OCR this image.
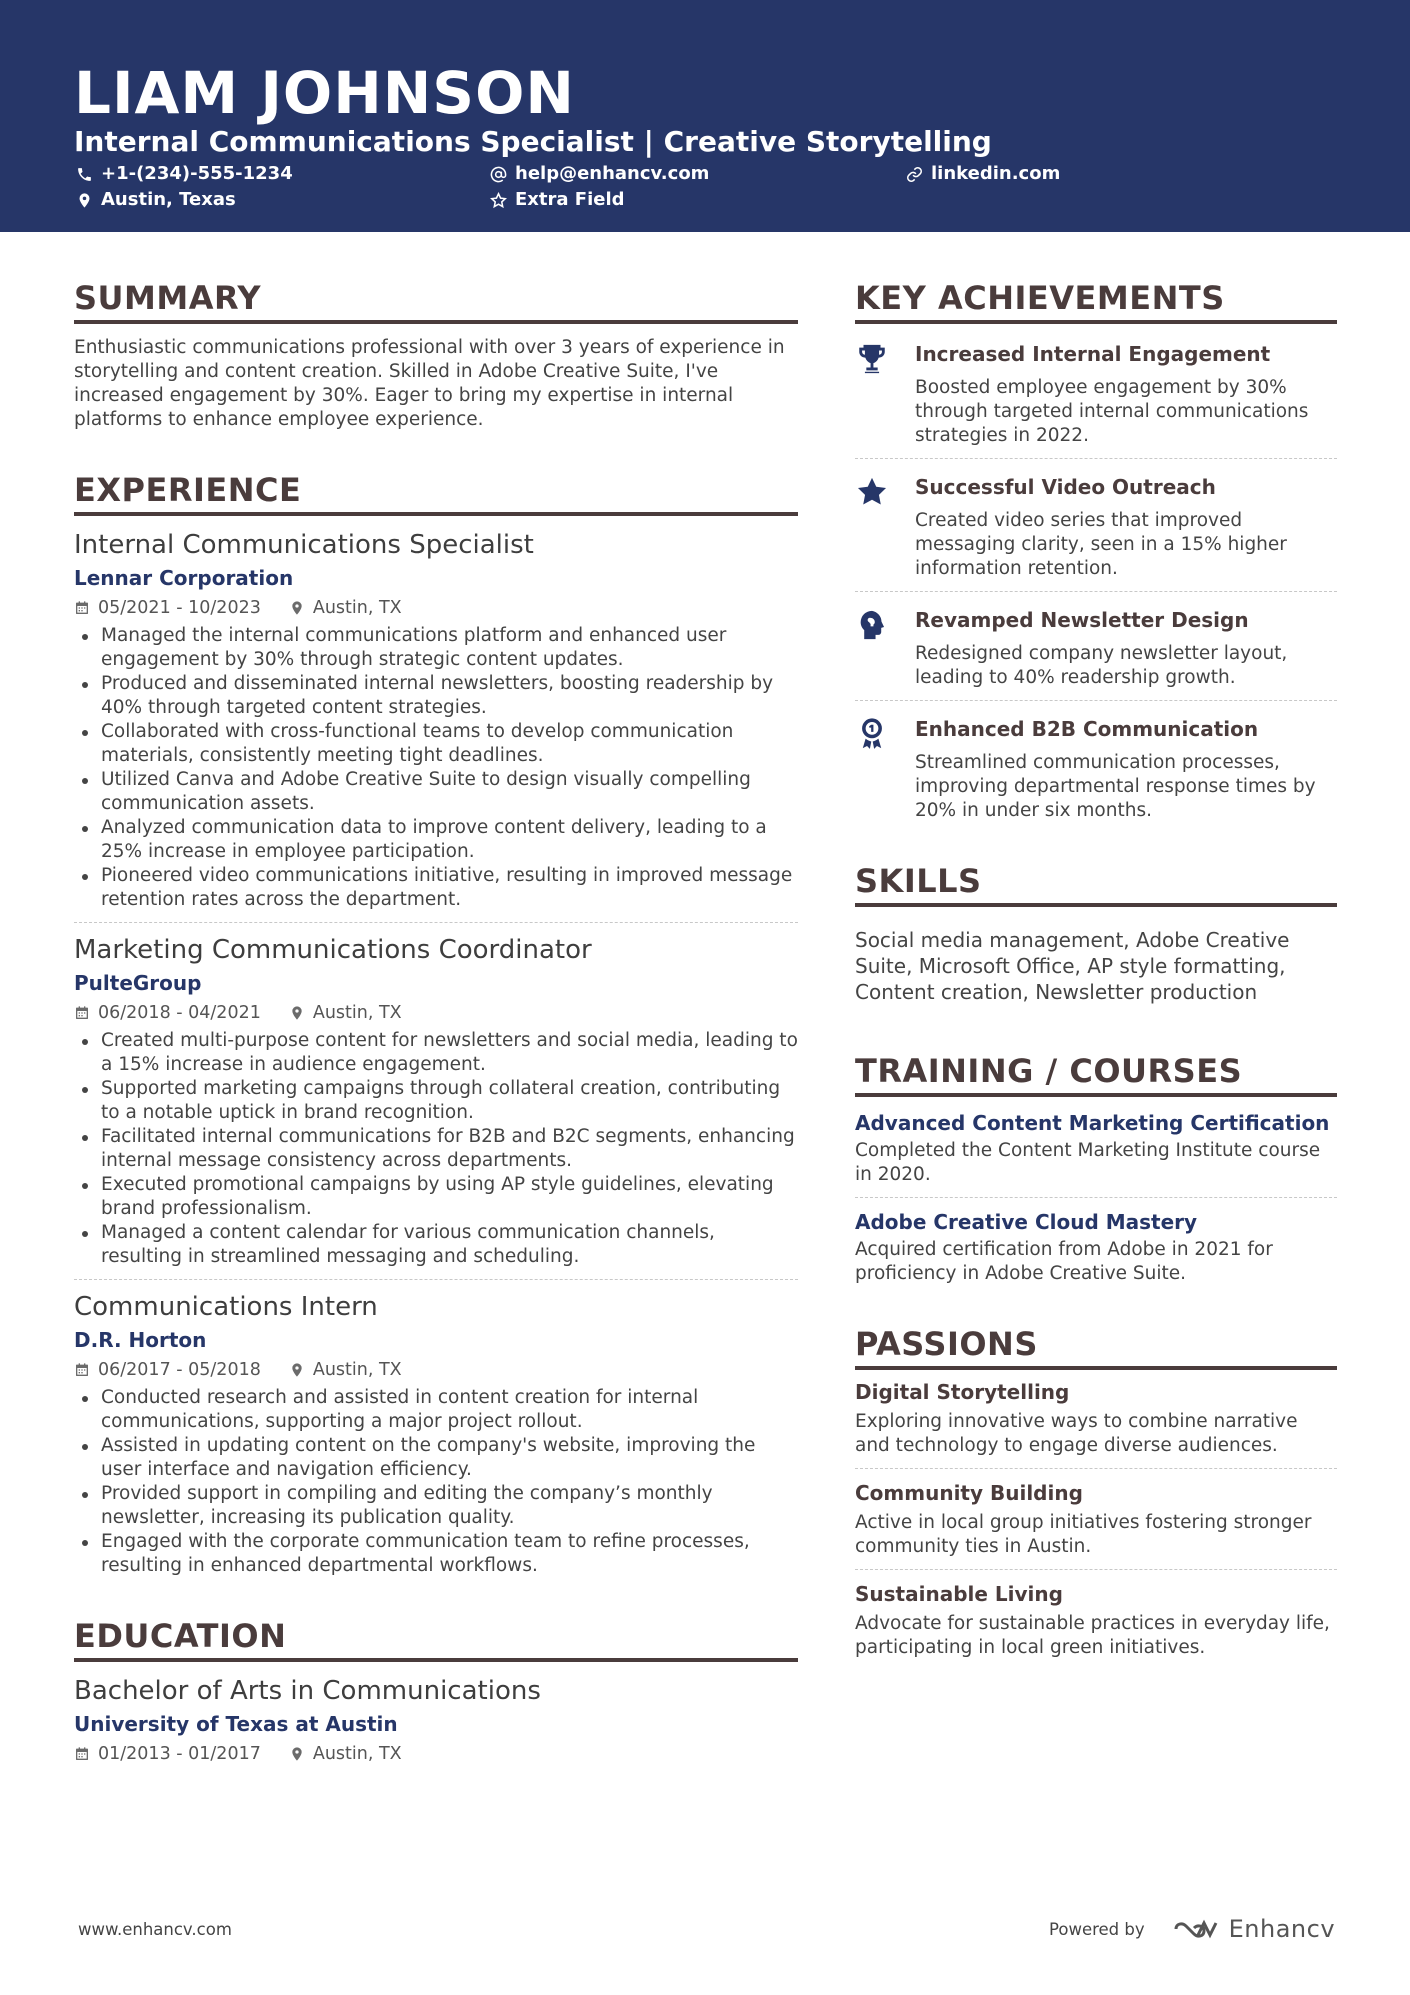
LIAM JOHNSON
Internal Communications Specialist | Creative Storytelling
+1-(234)-555-1234	help@enhancv.com	linkedin.com
Austin, Texas	Extra Field
SUMMARY
Enthusiastic communications professional with over 3 years of experience in storytelling and content creation. Skilled in Adobe Creative Suite, I've increased engagement by 30%. Eager to bring my expertise in internal platforms to enhance employee experience.
EXPERIENCE
Internal Communications Specialist
Lennar Corporation
05/2021 - 10/2023	Austin, TX
Managed the internal communications platform and enhanced user engagement by 30% through strategic content updates.
Produced and disseminated internal newsletters, boosting readership by 40% through targeted content strategies.
Collaborated with cross-functional teams to develop communication materials, consistently meeting tight deadlines.
Utilized Canva and Adobe Creative Suite to design visually compelling communication assets.
Analyzed communication data to improve content delivery, leading to a 25% increase in employee participation.
Pioneered video communications initiative, resulting in improved message retention rates across the department.
Marketing Communications Coordinator
PulteGroup
06/2018 - 04/2021	Austin, TX
Created multi-purpose content for newsletters and social media, leading to a 15% increase in audience engagement.
Supported marketing campaigns through collateral creation, contributing to a notable uptick in brand recognition.
Facilitated internal communications for B2B and B2C segments, enhancing internal message consistency across departments.
Executed promotional campaigns by using AP style guidelines, elevating brand professionalism.
Managed a content calendar for various communication channels, resulting in streamlined messaging and scheduling.
Communications Intern
D.R. Horton
06/2017 - 05/2018	Austin, TX
Conducted research and assisted in content creation for internal communications, supporting a major project rollout.
Assisted in updating content on the company's website, improving the user interface and navigation efficiency.
Provided support in compiling and editing the company’s monthly newsletter, increasing its publication quality.
Engaged with the corporate communication team to refine processes, resulting in enhanced departmental workflows.
EDUCATION
Bachelor of Arts in Communications
University of Texas at Austin
01/2013 - 01/2017	Austin, TX
KEY ACHIEVEMENTS
Increased Internal Engagement
Boosted employee engagement by 30% through targeted internal communications strategies in 2022.
Successful Video Outreach
Created video series that improved messaging clarity, seen in a 15% higher information retention.
Revamped Newsletter Design
Redesigned company newsletter layout, leading to 40% readership growth.
Enhanced B2B Communication
Streamlined communication processes, improving departmental response times by 20% in under six months.
SKILLS
Social media management, Adobe Creative Suite, Microsoft Office, AP style formatting, Content creation, Newsletter production
TRAINING / COURSES
Advanced Content Marketing Certification
Completed the Content Marketing Institute course in 2020.
Adobe Creative Cloud Mastery
Acquired certification from Adobe in 2021 for proficiency in Adobe Creative Suite.
PASSIONS
Digital Storytelling
Exploring innovative ways to combine narrative and technology to engage diverse audiences.
Community Building
Active in local group initiatives fostering stronger community ties in Austin.
Sustainable Living
Advocate for sustainable practices in everyday life, participating in local green initiatives.
www.enhancv.com	Powered by	Enhancv
